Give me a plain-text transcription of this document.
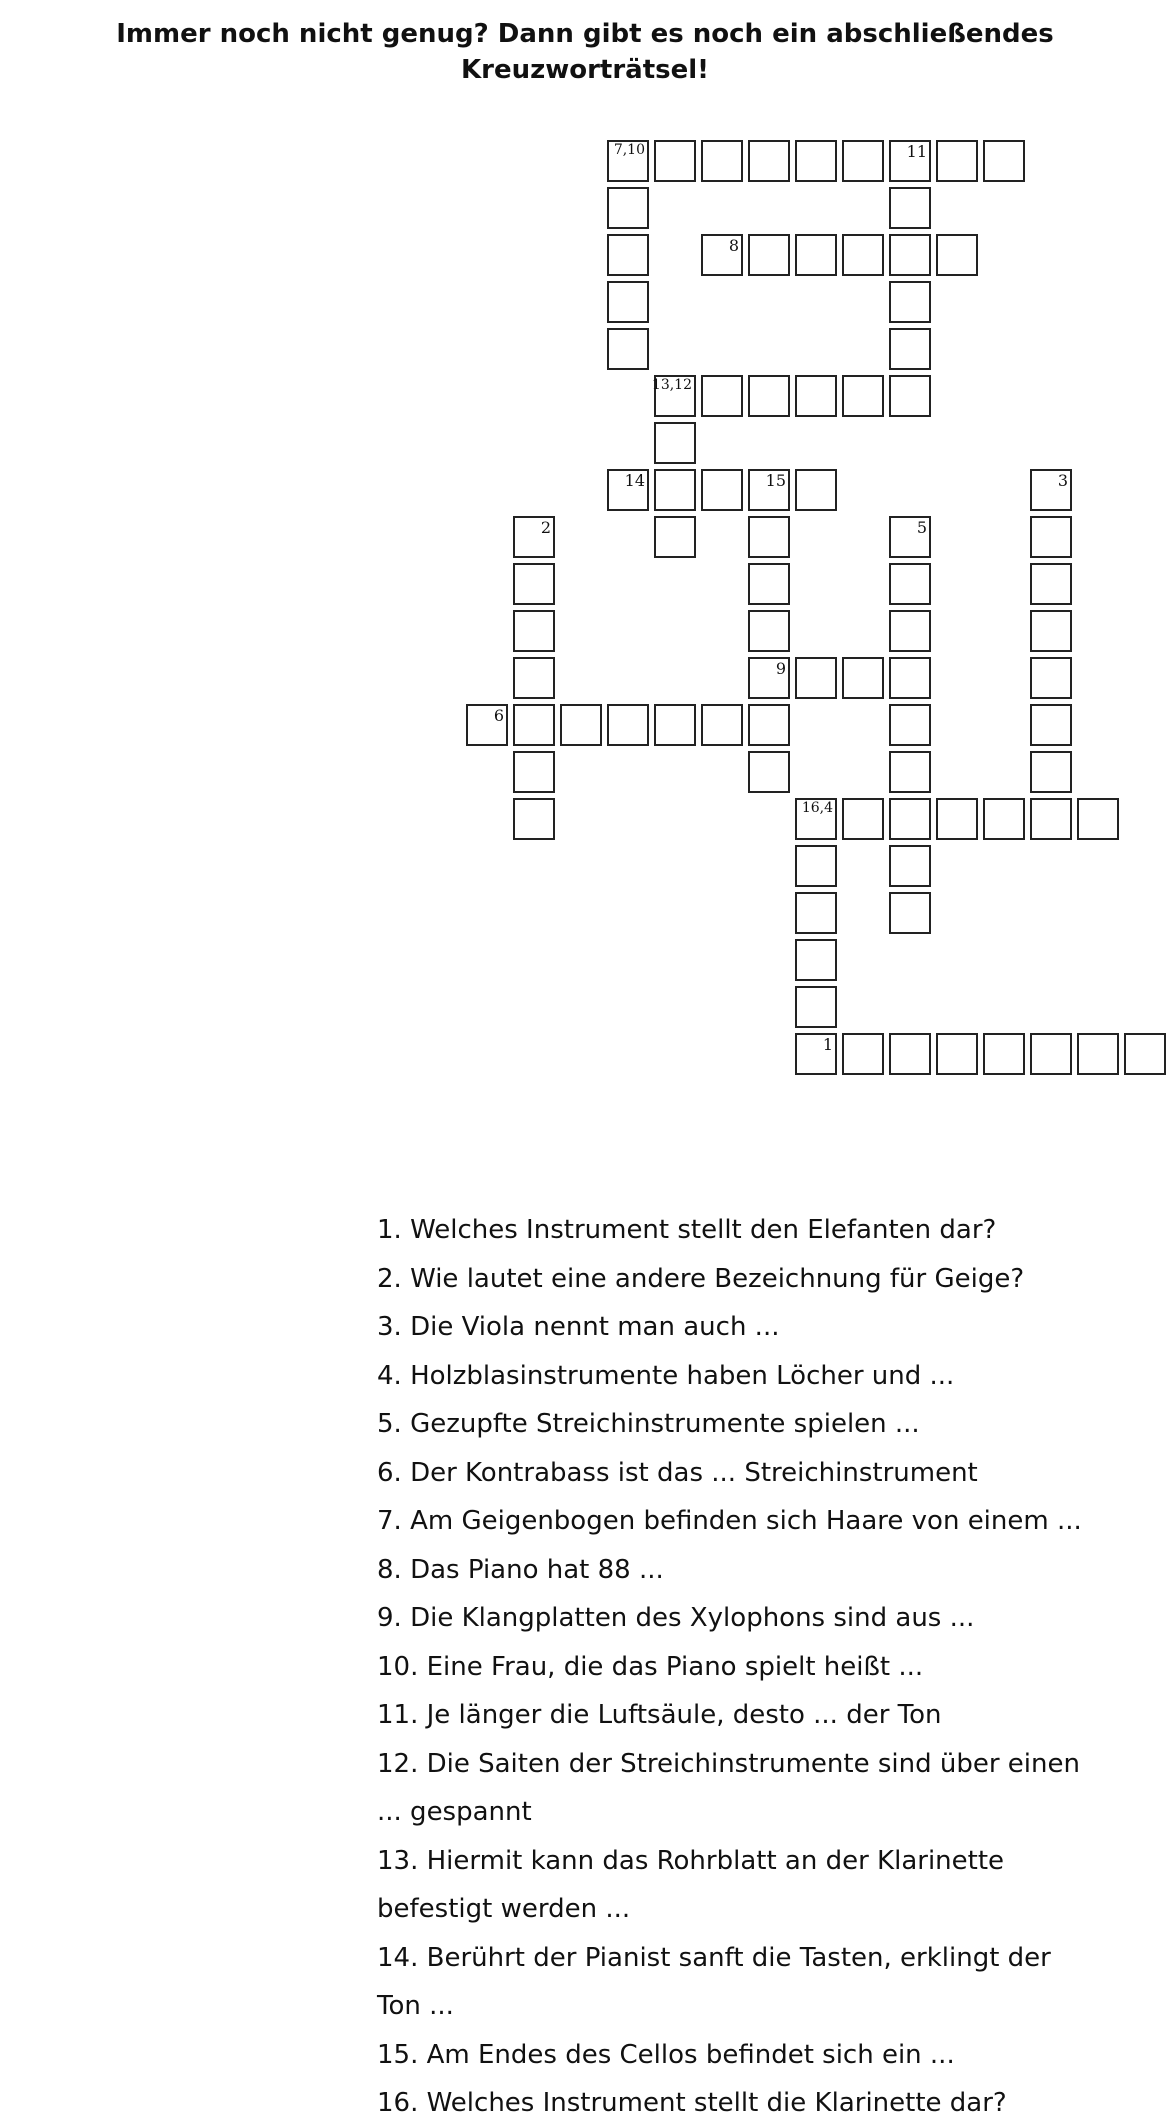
Immer noch nicht genug? Dann gibt es noch ein abschließendes Kreuzworträtsel!
7,10	11
8
13,12
14	15	3
2	5
9
6
16,4
1

1. Welches Instrument stellt den Elefanten dar?

2. Wie lautet eine andere Bezeichnung für Geige?

3. Die Viola nennt man auch ...

4. Holzblasinstrumente haben Löcher und ...

5. Gezupfte Streichinstrumente spielen ...

6. Der Kontrabass ist das ... Streichinstrument

7. Am Geigenbogen befinden sich Haare von einem ...

8. Das Piano hat 88 ...

9. Die Klangplatten des Xylophons sind aus ...

10. Eine Frau, die das Piano spielt heißt ...

11. Je länger die Luftsäule, desto ... der Ton

12. Die Saiten der Streichinstrumente sind über einen ... gespannt

13. Hiermit kann das Rohrblatt an der Klarinette befestigt werden ...

14. Berührt der Pianist sanft die Tasten, erklingt der Ton ...

15. Am Endes des Cellos befindet sich ein ...

16. Welches Instrument stellt die Klarinette dar?
